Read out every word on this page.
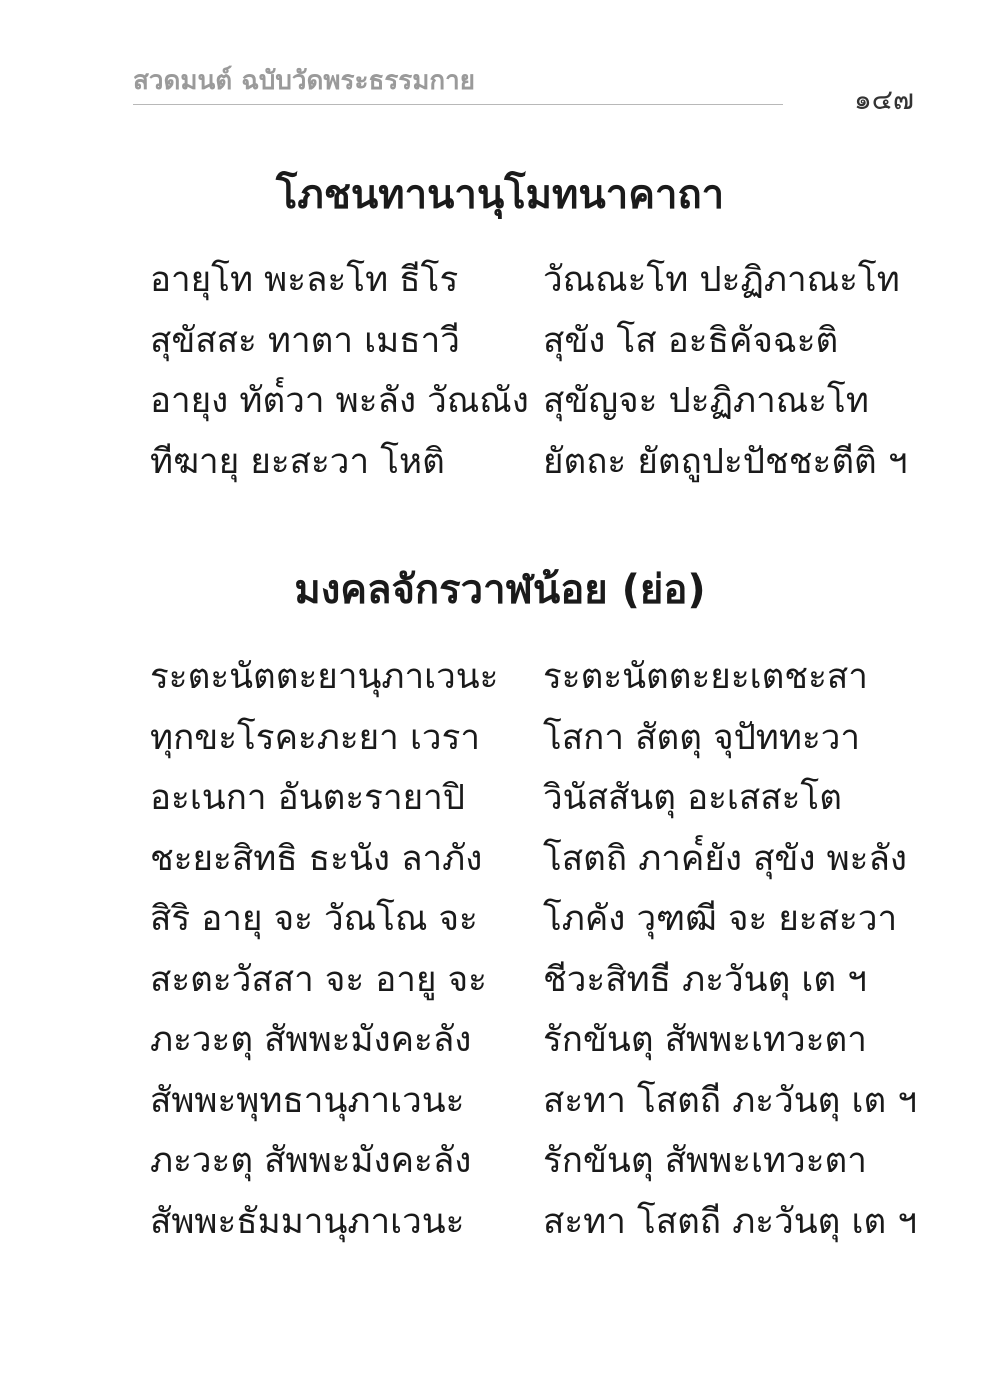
สวดมนต์ ฉบับวัดพระธรรมกาย
๑๔๗
โภชนทานานุโมทนาคาถา
อายุโท พะละโท ธีโร วัณณะโท ปะฏิภาณะโท
สุขัสสะ ทาตา เมธาวี สุขัง โส อะธิคัจฉะติ
อายุง ทัต๎วา พะลัง วัณณัง สุขัญจะ ปะฏิภาณะโท
ทีฆายุ ยะสะวา โหติ	ยัตถะ ยัตถูปะปัชชะตีติ ฯ
มงคลจักรวาฬน้อย (ย่อ)
ระตะนัตตะยานุภาเวนะ ระตะนัตตะยะเตชะสา
ทุกขะโรคะภะยา เวรา โสกา สัตตุ จุปัททะวา
อะเนกา อันตะรายาปิ วินัสสันตุ อะเสสะโต
ชะยะสิทธิ ธะนัง ลาภัง โสตถิ ภาค๎ยัง สุขัง พะลัง
สิริ อายุ จะ วัณโณ จะ โภคัง วุฑฒี จะ ยะสะวา
สะตะวัสสา จะ อายู จะ ชีวะสิทธี ภะวันตุ เต ฯ
ภะวะตุ สัพพะมังคะลัง รักขันตุ สัพพะเทวะตา
สัพพะพุทธานุภาเวนะ สะทา โสตถี ภะวันตุ เต ฯ
ภะวะตุ สัพพะมังคะลัง รักขันตุ สัพพะเทวะตา
สัพพะธัมมานุภาเวนะ สะทา โสตถี ภะวันตุ เต ฯ
